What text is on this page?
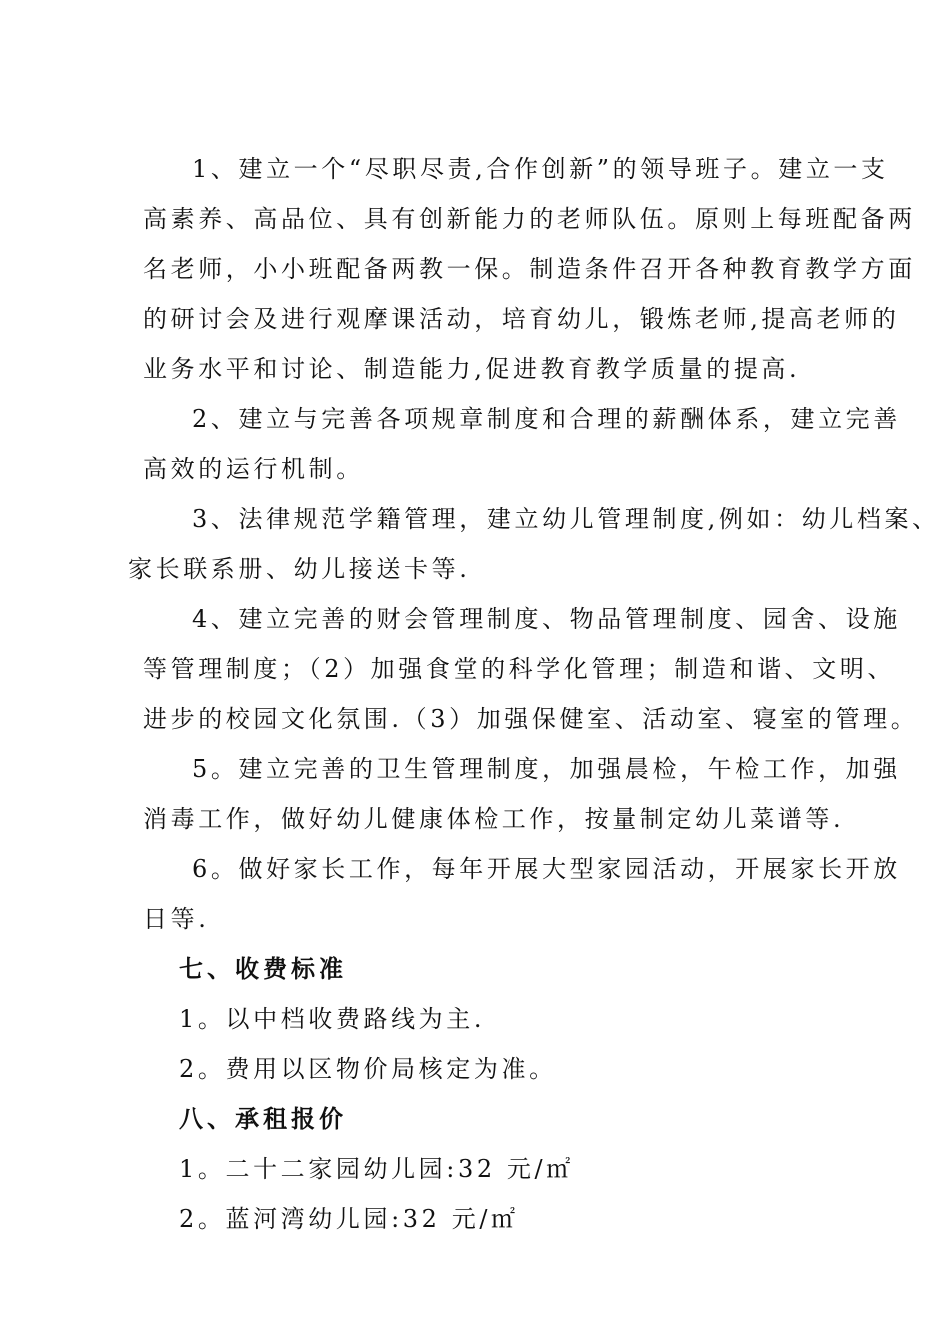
1、建立一个“尽职尽责,合作创新”的领导班子。建立一支
高素养、高品位、具有创新能力的老师队伍。原则上每班配备两
名老师，小小班配备两教一保。制造条件召开各种教育教学方面
的研讨会及进行观摩课活动，培育幼儿，锻炼老师,提高老师的
业务水平和讨论、制造能力,促进教育教学质量的提高.
2、建立与完善各项规章制度和合理的薪酬体系，建立完善
高效的运行机制。
3、法律规范学籍管理，建立幼儿管理制度,例如：幼儿档案、
家长联系册、幼儿接送卡等.
4、建立完善的财会管理制度、物品管理制度、园舍、设施
等管理制度；（2）加强食堂的科学化管理；制造和谐、文明、
进步的校园文化氛围.（3）加强保健室、活动室、寝室的管理。
5。建立完善的卫生管理制度，加强晨检，午检工作，加强
消毒工作，做好幼儿健康体检工作，按量制定幼儿菜谱等.
6。做好家长工作，每年开展大型家园活动，开展家长开放
日等.
七、收费标准
1。以中档收费路线为主.
2。费用以区物价局核定为准。
八、承租报价
1。二十二家园幼儿园:32 元/㎡
2。蓝河湾幼儿园:32 元/㎡
